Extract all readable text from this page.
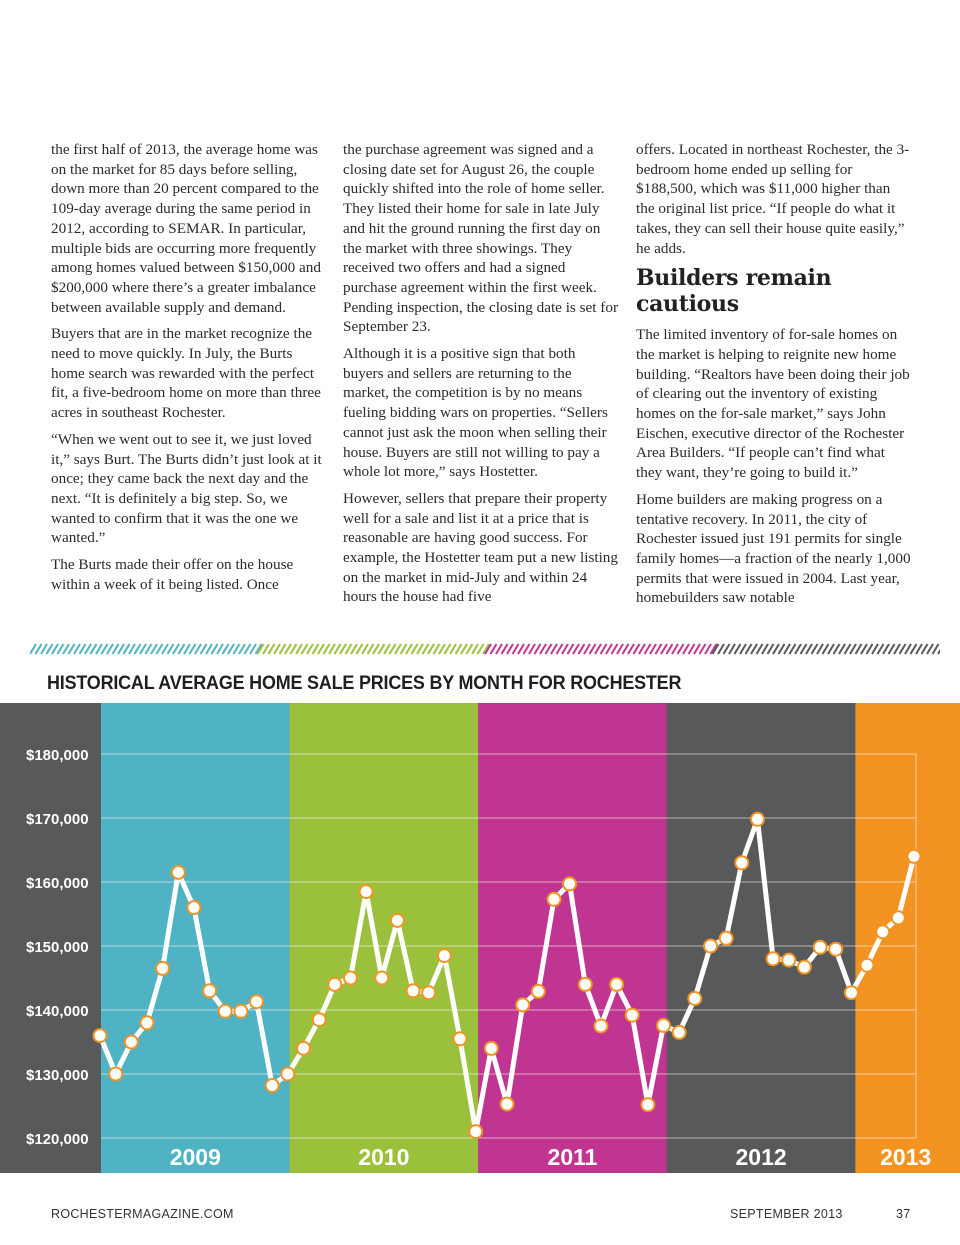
the first half of 2013, the average home was on the market for 85 days before selling, down more than 20 percent compared to the 109-day average during the same period in 2012, according to SEMAR. In particular, multiple bids are occurring more frequently among homes valued between $150,000 and $200,000 where there’s a greater imbalance between available supply and demand.

Buyers that are in the market recognize the need to move quickly. In July, the Burts home search was rewarded with the perfect fit, a five-bedroom home on more than three acres in southeast Rochester.

“When we went out to see it, we just loved it,” says Burt. The Burts didn’t just look at it once; they came back the next day and the next. “It is definitely a big step. So, we wanted to confirm that it was the one we wanted.”

The Burts made their offer on the house within a week of it being listed. Once

the purchase agreement was signed and a closing date set for August 26, the couple quickly shifted into the role of home seller. They listed their home for sale in late July and hit the ground running the first day on the market with three showings. They received two offers and had a signed purchase agreement within the first week. Pending inspection, the closing date is set for September 23.

Although it is a positive sign that both buyers and sellers are returning to the market, the competition is by no means fueling bidding wars on properties. “Sellers cannot just ask the moon when selling their house. Buyers are still not willing to pay a whole lot more,” says Hostetter.

However, sellers that prepare their property well for a sale and list it at a price that is reasonable are having good success. For example, the Hostetter team put a new listing on the market in mid-July and within 24 hours the house had five

offers. Located in northeast Rochester, the 3-bedroom home ended up selling for $188,500, which was $11,000 higher than the original list price. “If people do what it takes, they can sell their house quite easily,” he adds.

Builders remain cautious

The limited inventory of for-sale homes on the market is helping to reignite new home building. “Realtors have been doing their job of clearing out the inventory of existing homes on the for-sale market,” says John Eischen, executive director of the Rochester Area Builders. “If people can’t find what they want, they’re going to build it.”

Home builders are making progress on a tentative recovery. In 2011, the city of Rochester issued just 191 permits for single family homes—a fraction of the nearly 1,000 permits that were issued in 2004. Last year, homebuilders saw notable

HISTORICAL AVERAGE HOME SALE PRICES BY MONTH FOR ROCHESTER
2009	2010	2011	2012	2013
$180,000
$170,000
$160,000
$150,000
$140,000
$130,000
$120,000
ROCHESTERMAGAZINE.COM	SEPTEMBER 2013	37
